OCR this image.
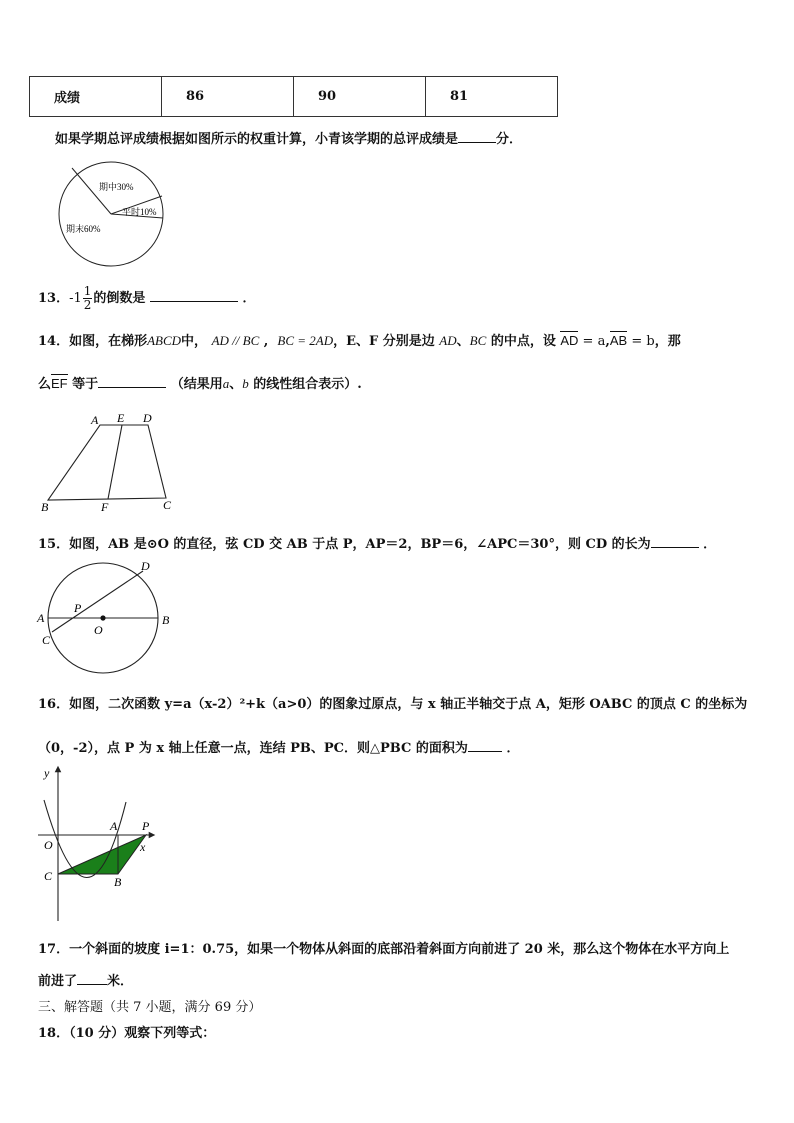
成绩	86	90	81
如果学期总评成绩根据如图所示的权重计算，小青该学期的总评成绩是	分．
期中30%
平时10%
期末60%
13．$-1 \frac{1}{2}$ 的倒数是	．
14．如图，在梯形ABCD中， AD // BC ,  BC = 2AD，E、F 分别是边 AD、BC 的中点，设 AD = a,AB = b，那
么EF 等于	（结果用a、b 的线性组合表示）.
A E D
B	F	C
15．如图，AB 是⊙O 的直径，弦 CD 交 AB 于点 P，AP＝2，BP＝6，∠APC＝30°，则 CD 的长为	．
A	B
C
D
P
O
16．如图，二次函数 y=a（x-2）²+k（a>0）的图象过原点，与 x 轴正半轴交于点 A，矩形 OABC 的顶点 C 的坐标为
（0，-2），点 P 为 x 轴上任意一点，连结 PB、PC．则△PBC 的面积为	．
y
x
O
A P
C	B
17．一个斜面的坡度 i=1：0.75，如果一个物体从斜面的底部沿着斜面方向前进了 20 米，那么这个物体在水平方向上
前进了 米．
三、解答题（共 7 小题，满分 69 分）
18．（10 分）观察下列等式：
